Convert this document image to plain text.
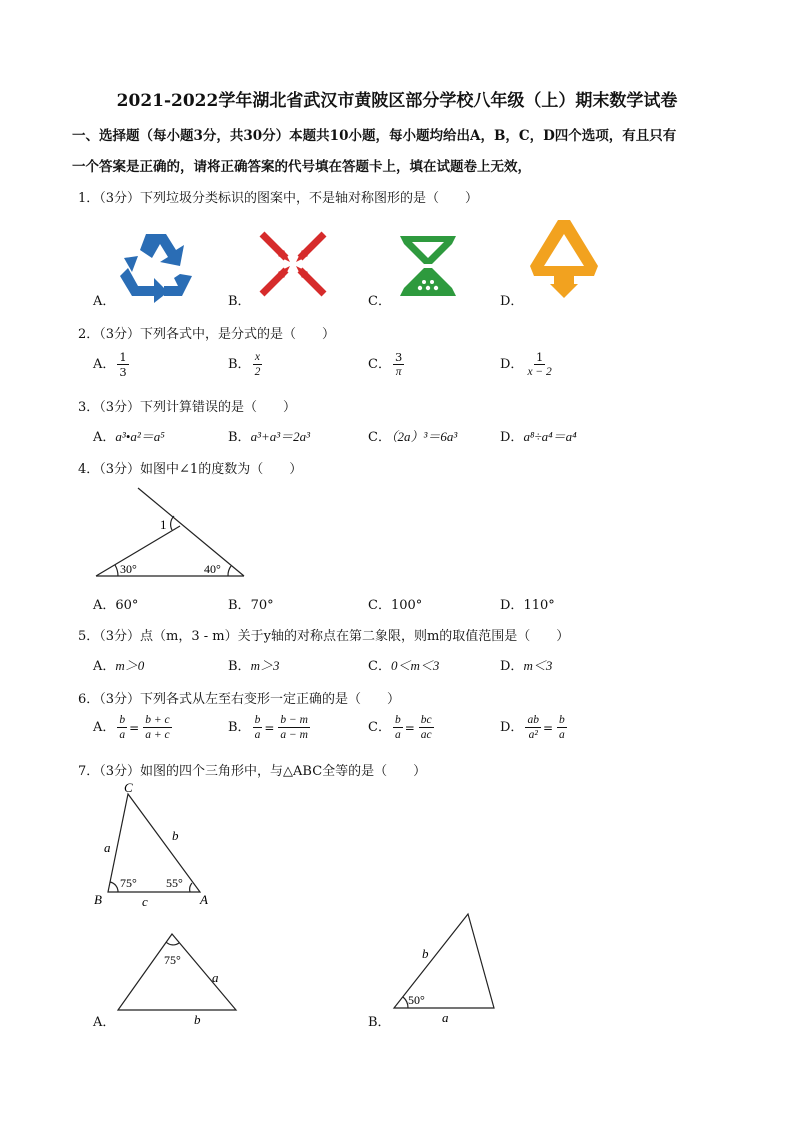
2021-2022学年湖北省武汉市黄陂区部分学校八年级（上）期末数学试卷
一、选择题（每小题3分，共30分）本题共10小题，每小题均给出A，B，C，D四个选项，有且只有
一个答案是正确的，请将正确答案的代号填在答题卡上，填在试题卷上无效，
1．（3分）下列垃圾分类标识的图案中，不是轴对称图形的是（　　）
A．	B．	C．	D．
2．（3分）下列各式中，是分式的是（　　）
A． $\frac{1}{3}$	B． $\frac{x}{2}$	C． $\frac{3}{\pi}$	D． $\frac{1}{x - 2}$
3．（3分）下列计算错误的是（　　）
A．a³•a²＝a⁵	B．a³+a³＝2a³	C．（2a）³＝6a³	D．a⁸÷a⁴＝a⁴
4．（3分）如图中∠1的度数为（　　）
1
30°	40°
A．60°	B．70°	C．100°	D．110°
5．（3分）点（m，3 - m）关于y轴的对称点在第二象限，则m的取值范围是（　　）
A．m＞0	B．m＞3	C．0＜m＜3	D．m＜3
6．（3分）下列各式从左至右变形一定正确的是（　　）
A． $\frac{b}{a} = \frac{b + c}{a + c}$	B． $\frac{b}{a} = \frac{b - m}{a - m}$	C． $\frac{b}{a} = \frac{bc}{ac}$	D． $\frac{ab}{\text{a²}} = \frac{b}{a}$
7．（3分）如图的四个三角形中，与△ABC全等的是（　　）
C
B	A
a
b
c
75° 55°
75°
a
b
A．
50°
b
a
B．
